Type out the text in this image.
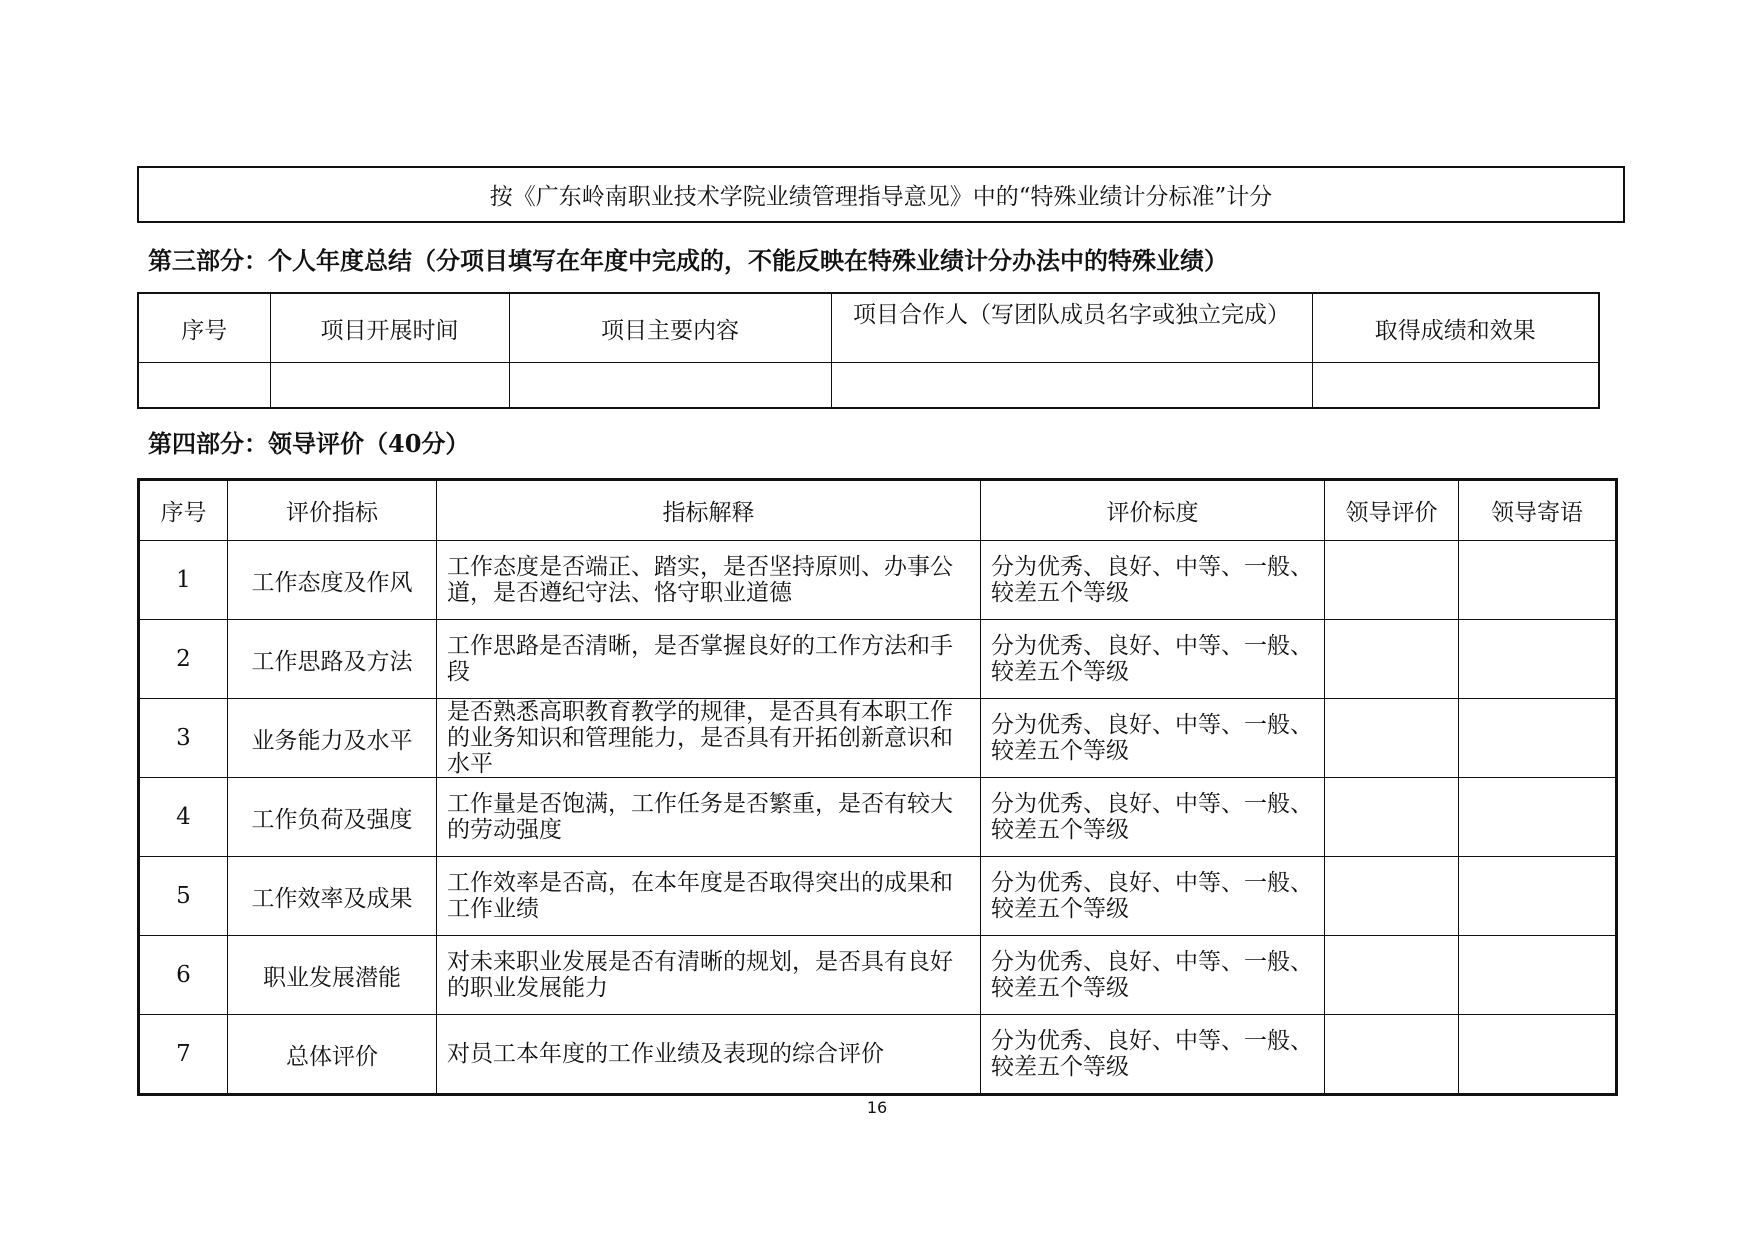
按《广东岭南职业技术学院业绩管理指导意见》中的“特殊业绩计分标准”计分
第三部分：个人年度总结（分项目填写在年度中完成的，不能反映在特殊业绩计分办法中的特殊业绩）
序号	项目开展时间	项目主要内容	项目合作人（写团队成员名字或独立完成）	取得成绩和效果

第四部分：领导评价（40分）
序号	评价指标	指标解释	评价标度	领导评价	领导寄语
1	工作态度及作风	工作态度是否端正、踏实，是否坚持原则、办事公道，是否遵纪守法、恪守职业道德	分为优秀、良好、中等、一般、较差五个等级		
2	工作思路及方法	工作思路是否清晰，是否掌握良好的工作方法和手段	分为优秀、良好、中等、一般、较差五个等级		
3	业务能力及水平	是否熟悉高职教育教学的规律，是否具有本职工作的业务知识和管理能力，是否具有开拓创新意识和水平	分为优秀、良好、中等、一般、较差五个等级		
4	工作负荷及强度	工作量是否饱满，工作任务是否繁重，是否有较大的劳动强度	分为优秀、良好、中等、一般、较差五个等级		
5	工作效率及成果	工作效率是否高，在本年度是否取得突出的成果和工作业绩	分为优秀、良好、中等、一般、较差五个等级		
6	职业发展潜能	对未来职业发展是否有清晰的规划，是否具有良好的职业发展能力	分为优秀、良好、中等、一般、较差五个等级		
7	总体评价	对员工本年度的工作业绩及表现的综合评价	分为优秀、良好、中等、一般、较差五个等级		
16
